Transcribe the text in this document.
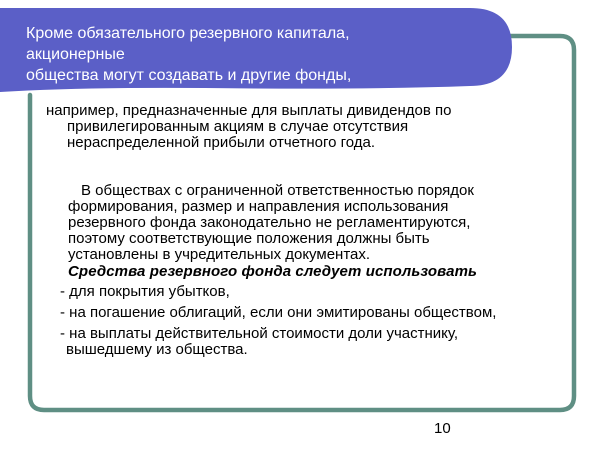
Кроме обязательного резервного капитала, акционерные
общества могут создавать и другие фонды,

например, предназначенные для выплаты дивидендов по
привилегированным акциям в случае отсутствия
нераспределенной прибыли отчетного года.

В обществах с ограниченной ответственностью порядок
формирования, размер и направления использования
резервного фонда законодательно не регламентируются,
поэтому соответствующие положения должны быть
установлены в учредительных документах.

Средства резервного фонда следует использовать
- для покрытия убытков,
- на погашение облигаций, если они эмитированы обществом,
- на выплаты действительной стоимости доли участнику,
вышедшему из общества.
10
